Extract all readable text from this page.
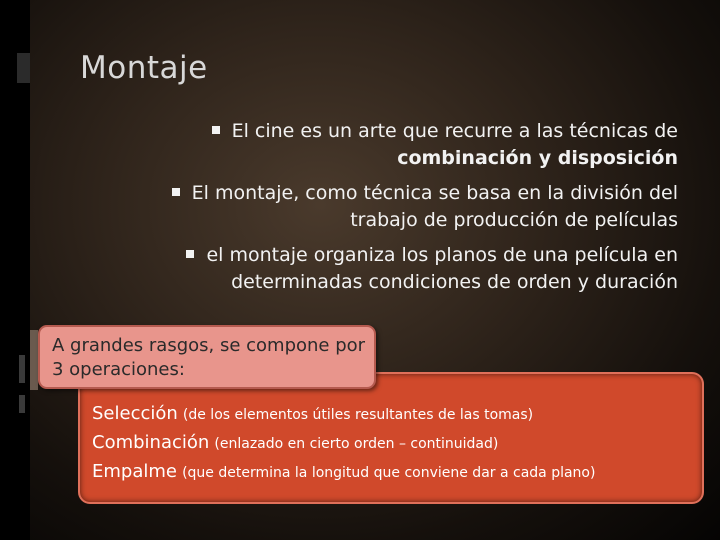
Montaje
El cine es un arte que recurre a las técnicas de
combinación y disposición
El montaje, como técnica se basa en la división del trabajo de producción de películas
el montaje organiza los planos de una película en determinadas condiciones de orden y duración
Selección (de los elementos útiles resultantes de las tomas)
Combinación (enlazado en cierto orden – continuidad)
Empalme (que determina la longitud que conviene dar a cada plano)
A grandes rasgos, se compone por 3 operaciones:
